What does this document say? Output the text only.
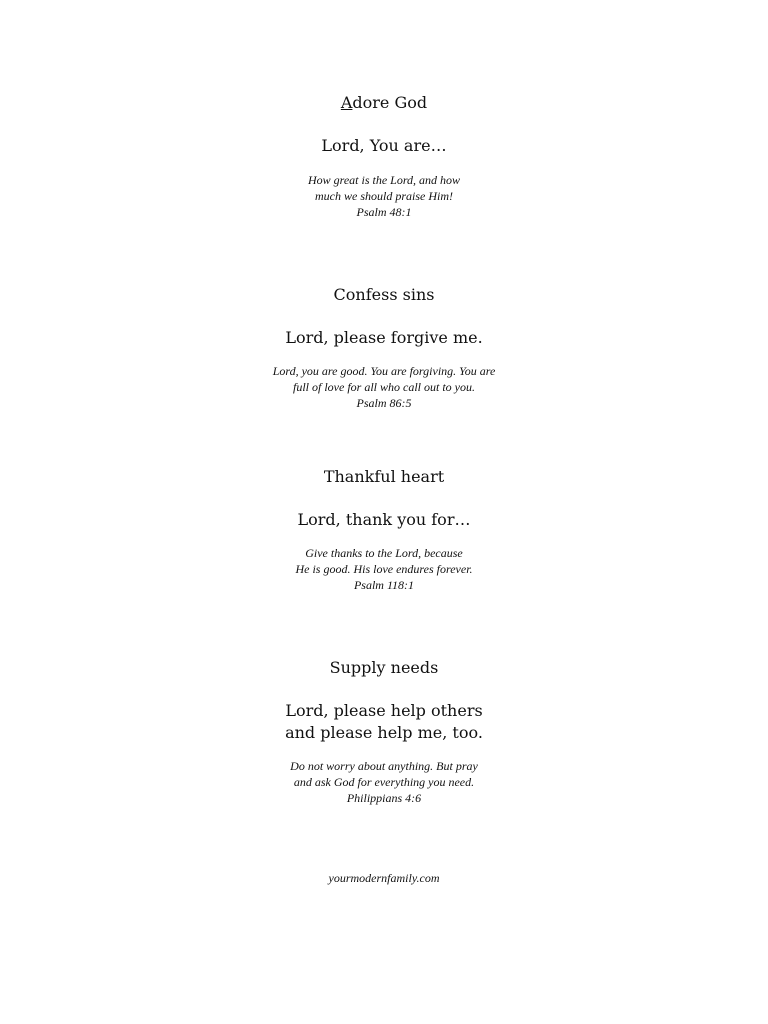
Adore God

Lord, You are…

How great is the Lord, and how
much we should praise Him!
Psalm 48:1
Confess sins

Lord, please forgive me.

Lord, you are good. You are forgiving. You are
full of love for all who call out to you.
Psalm 86:5
Thankful heart

Lord, thank you for…

Give thanks to the Lord, because
He is good. His love endures forever.
Psalm 118:1
Supply needs

Lord, please help others

and please help me, too.

Do not worry about anything. But pray
and ask God for everything you need.
Philippians 4:6

yourmodernfamily.com
